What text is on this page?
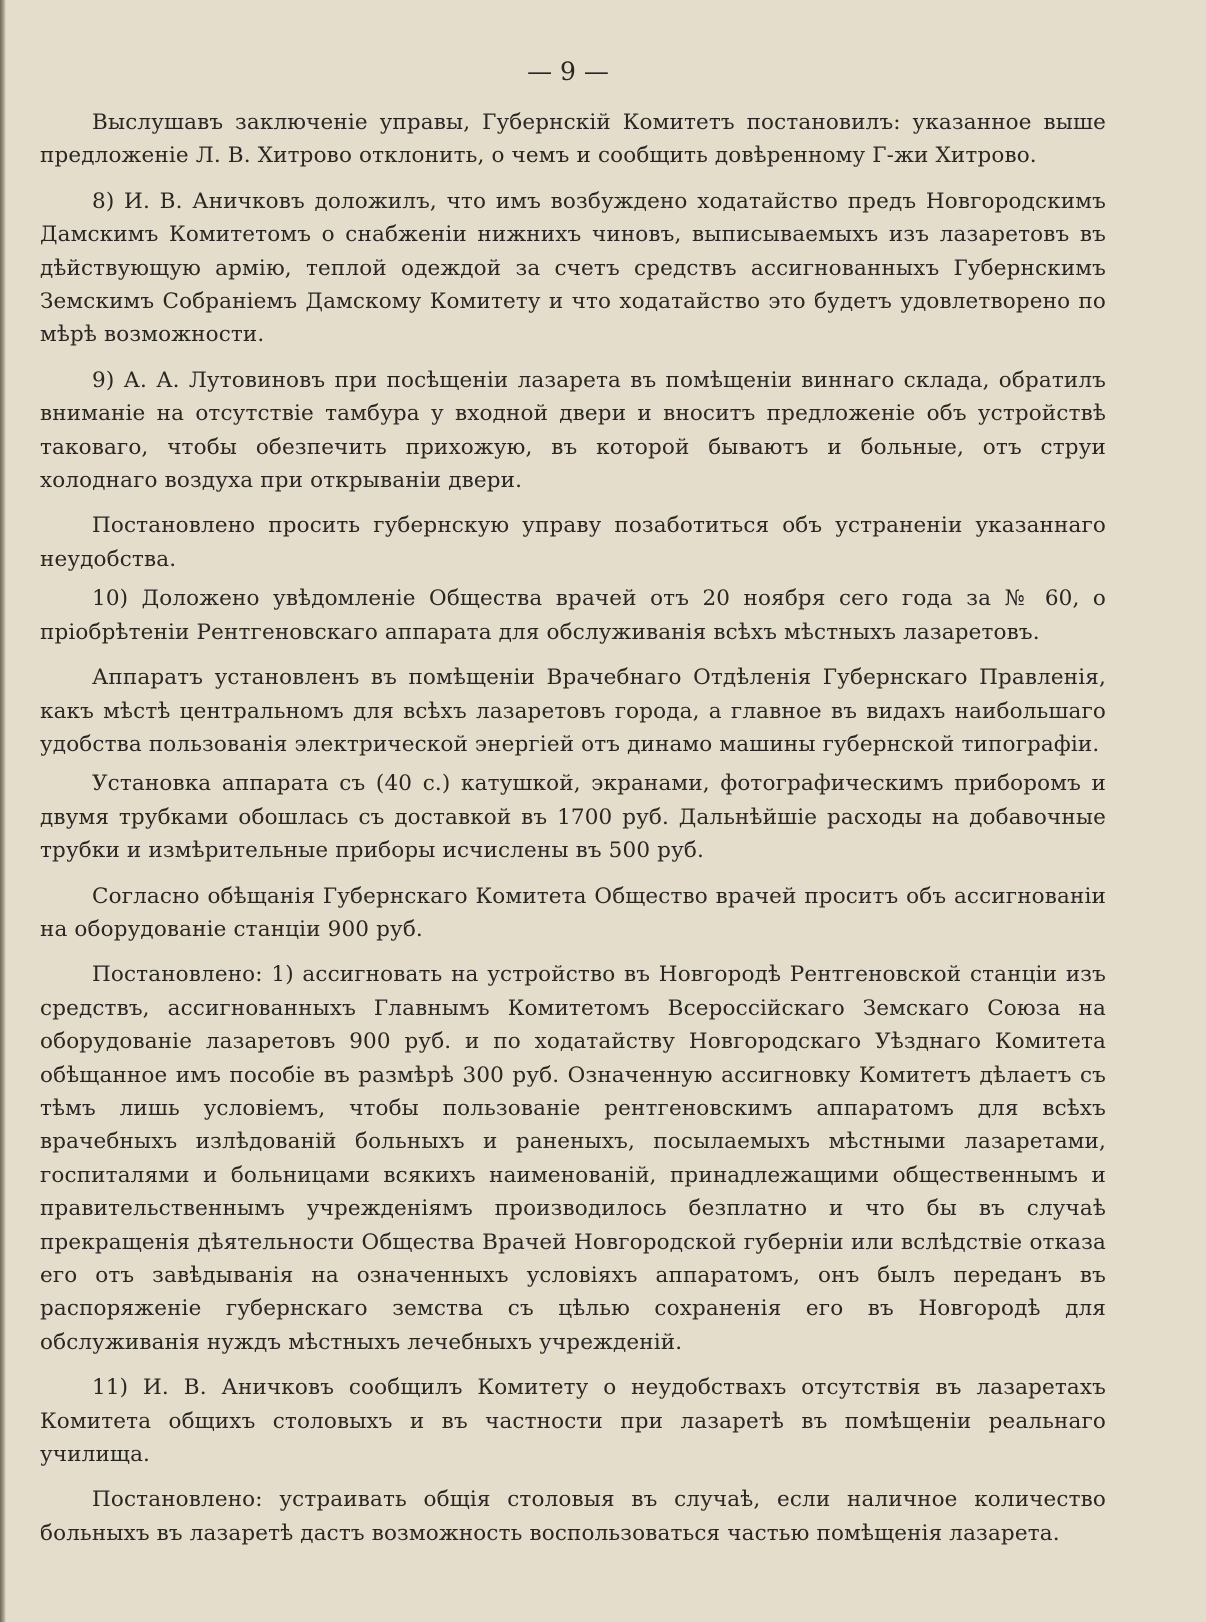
— 9 —

Выслушавъ заключенiе управы, Губернскiй Комитетъ постановилъ: указанное выше предложенiе Л. В. Хитрово отклонить, о чемъ и сообщить довѣренному Г-жи Хитрово.

8) И. В. Аничковъ доложилъ, что имъ возбуждено ходатайство предъ Новгородскимъ Дамскимъ Комитетомъ о снабженiи нижнихъ чиновъ, выписываемыхъ изъ лазаретовъ въ дѣйствующую армiю, теплой одеждой за счетъ средствъ ассигнованныхъ Губернскимъ Земскимъ Собранiемъ Дамскому Комитету и что ходатайство это будетъ удовлетворено по мѣрѣ возможности.

9) А. А. Лутовиновъ при посѣщенiи лазарета въ помѣщенiи виннаго склада, обратилъ вниманiе на отсутствiе тамбура у входной двери и вноситъ предложенiе объ устройствѣ таковаго, чтобы обезпечить прихожую, въ которой бываютъ и больные, отъ струи холоднаго воздуха при открыванiи двери.

Постановлено просить губернскую управу позаботиться объ устраненiи указаннаго неудобства.

10) Доложено увѣдомленiе Общества врачей отъ 20 ноября сего года за № 60, о прiобрѣтенiи Рентгеновскаго аппарата для обслуживанiя всѣхъ мѣстныхъ лазаретовъ.

Аппаратъ установленъ въ помѣщенiи Врачебнаго Отдѣленiя Губернскаго Правленiя, какъ мѣстѣ центральномъ для всѣхъ лазаретовъ города, а главное въ видахъ наибольшаго удобства пользованiя электрической энергiей отъ динамо машины губернской типографiи.

Установка аппарата съ (40 с.) катушкой, экранами, фотографическимъ приборомъ и двумя трубками обошлась съ доставкой въ 1700 руб. Дальнѣйшiе расходы на добавочные трубки и измѣрительные приборы исчислены въ 500 руб.

Согласно обѣщанiя Губернскаго Комитета Общество врачей проситъ объ ассигнованiи на оборудованiе станцiи 900 руб.

Постановлено: 1) ассигновать на устройство въ Новгородѣ Рентгеновской станцiи изъ средствъ, ассигнованныхъ Главнымъ Комитетомъ Всероссiйскаго Земскаго Союза на оборудованiе лазаретовъ 900 руб. и по ходатайству Новгородскаго Уѣзднаго Комитета обѣщанное имъ пособiе въ размѣрѣ 300 руб. Означенную ассигновку Комитетъ дѣлаетъ съ тѣмъ лишь условiемъ, чтобы пользованiе рентгеновскимъ аппаратомъ для всѣхъ врачебныхъ излѣдованiй больныхъ и раненыхъ, посылаемыхъ мѣстными лазаретами, госпиталями и больницами всякихъ наименованiй, принадлежащими общественнымъ и правительственнымъ учрежденiямъ производилось безплатно и что бы въ случаѣ прекращенiя дѣятельности Общества Врачей Новгородской губернiи или вслѣдствiе отказа его отъ завѣдыванiя на означенныхъ условiяхъ аппаратомъ, онъ былъ переданъ въ распоряженiе губернскаго земства съ цѣлью сохраненiя его въ Новгородѣ для обслуживанiя нуждъ мѣстныхъ лечебныхъ учрежденiй.

11) И. В. Аничковъ сообщилъ Комитету о неудобствахъ отсутствiя въ лазаретахъ Комитета общихъ столовыхъ и въ частности при лазаретѣ въ помѣщенiи реальнаго училища.

Постановлено: устраивать общiя столовыя въ случаѣ, если наличное количество больныхъ въ лазаретѣ дастъ возможность воспользоваться частью помѣщенiя лазарета.
